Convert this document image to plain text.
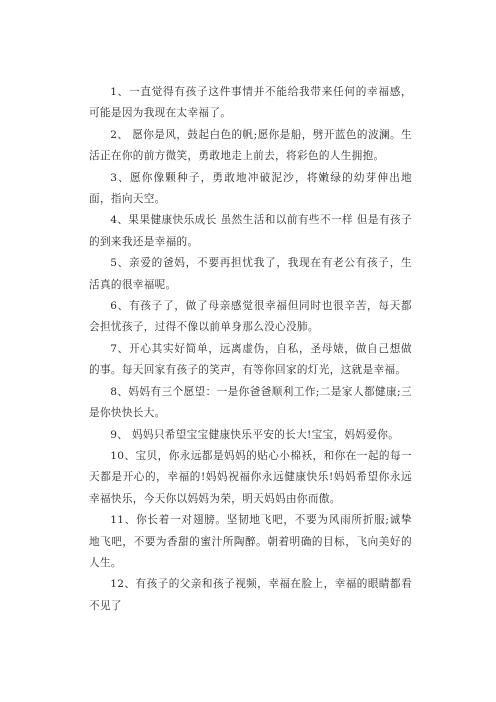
1、一直觉得有孩子这件事情并不能给我带来任何的幸福感，可能是因为我现在太幸福了。

2、 愿你是风，鼓起白色的帆;愿你是船，劈开蓝色的波澜。生活正在你的前方微笑，勇敢地走上前去，将彩色的人生拥抱。

3、愿你像颗种子，勇敢地冲破泥沙，将嫩绿的幼芽伸出地面，指向天空。

4、果果健康快乐成长 虽然生活和以前有些不一样 但是有孩子的到来我还是幸福的。

5、亲爱的爸妈，不要再担忧我了，我现在有老公有孩子，生活真的很幸福呢。

6、有孩子了，做了母亲感觉很幸福但同时也很辛苦，每天都会担忧孩子，过得不像以前单身那么没心没肺。

7、开心其实好简单，远离虚伪，自私，圣母婊，做自己想做的事。每天回家有孩子的笑声，有等你回家的灯光，这就是幸福。

8、妈妈有三个愿望：一是你爸爸顺利工作;二是家人都健康;三是你快快长大。

9、 妈妈只希望宝宝健康快乐平安的长大!宝宝，妈妈爱你。

10、宝贝，你永远都是妈妈的贴心小棉袄，和你在一起的每一天都是开心的，幸福的!妈妈祝福你永远健康快乐!妈妈希望你永远幸福快乐，今天你以妈妈为荣，明天妈妈由你而傲。

11、你长着一对翅膀。坚韧地飞吧，不要为风雨所折服;诚挚地飞吧，不要为香甜的蜜汁所陶醉。朝着明确的目标，飞向美好的人生。

12、有孩子的父亲和孩子视频，幸福在脸上，幸福的眼睛都看不见了
